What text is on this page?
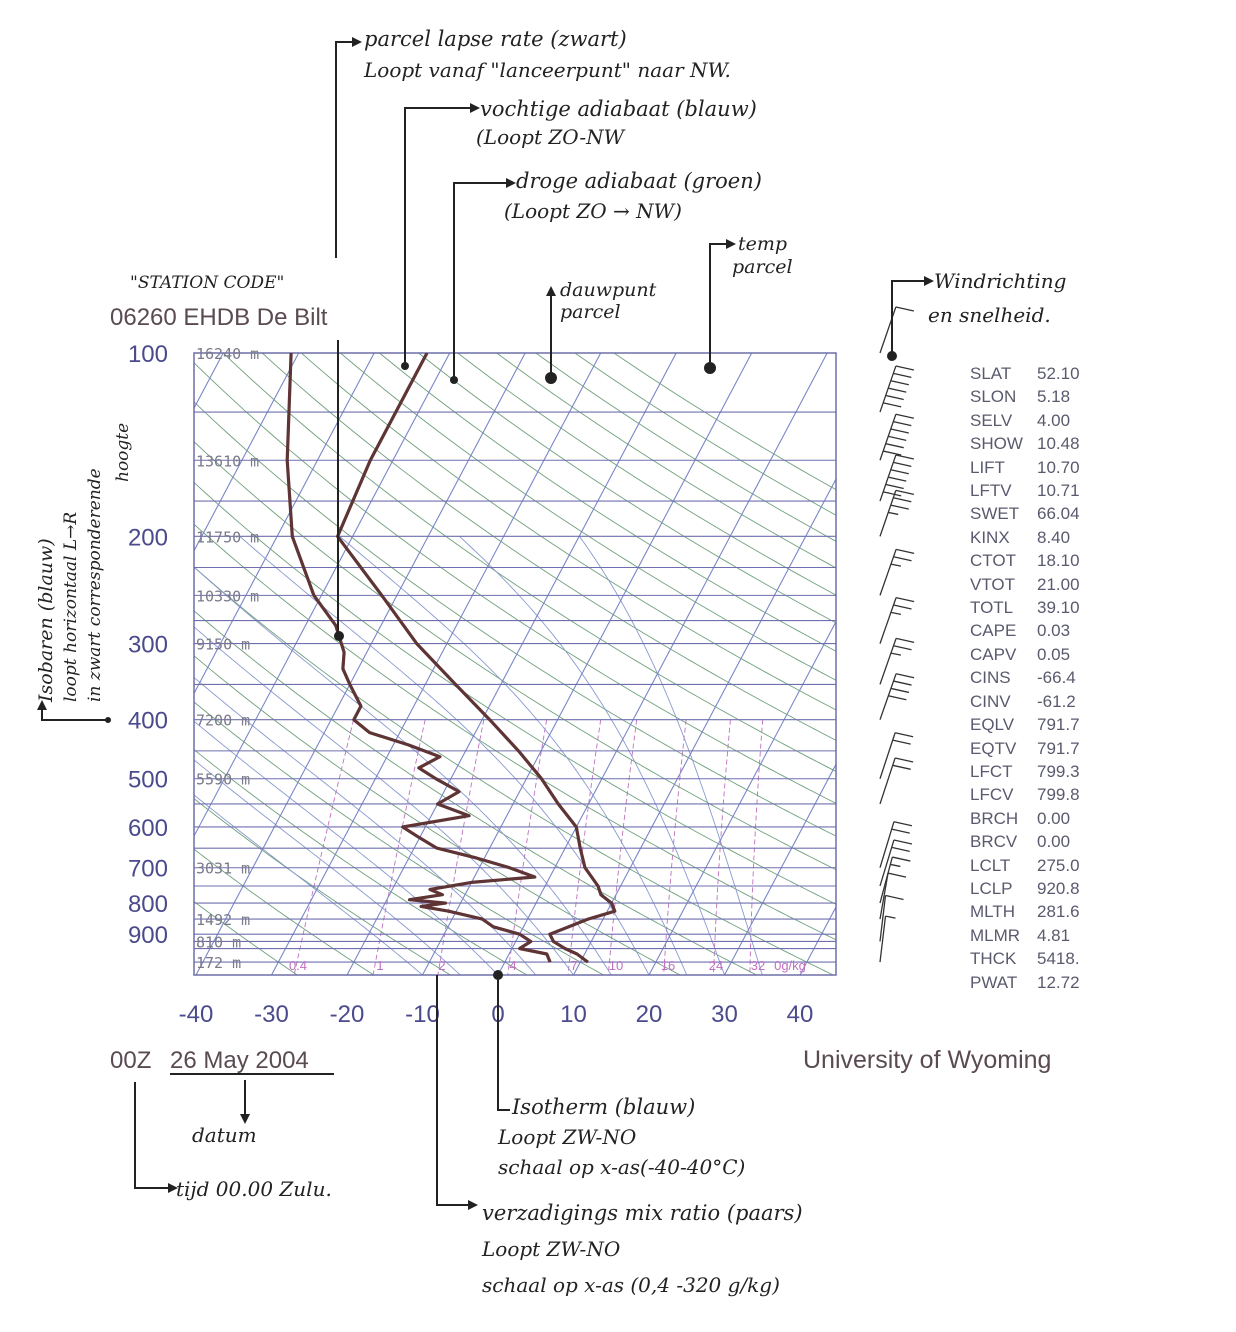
100
200
300
400
500
600
700
800
900
16240 m
13610 m
11750 m
10330 m
9150 m
7200 m
5590 m
3031 m
1492 m
810 m
172 m	0.4	1	2	4	7 10	16	24 32 0g/kg
-40 -30 -20 -10 0 10 20 30 40
06260 EHDB De Bilt
00Z 26 May 2004	University of Wyoming
parcel lapse rate (zwart)
Loopt vanaf "lanceerpunt" naar NW.
vochtige adiabaat (blauw)
(Loopt ZO-NW
droge adiabaat (groen)
(Loopt ZO → NW)
temp
parcel
dauwpunt
parcel
Windrichting
en snelheid.
"STATION CODE"
Isobaren (blauw) loopt horizontaal L→R in zwart corresponderende
hoogte
datum
tijd 00.00 Zulu.
Isotherm (blauw)
Loopt ZW-NO
schaal op x-as(-40-40°C)
verzadigings mix ratio (paars)
Loopt ZW-NO
schaal op x-as (0,4 -320 g/kg)
SLAT	52.10
SLON	5.18
SELV	4.00
SHOW 10.48
LIFT	10.70
LFTV	10.71
SWET	66.04
KINX	8.40
CTOT	18.10
VTOT	21.00
TOTL	39.10
CAPE	0.03
CAPV	0.05
CINS	-66.4
CINV	-61.2
EQLV	791.7
EQTV	791.7
LFCT	799.3
LFCV	799.8
BRCH	0.00
BRCV	0.00
LCLT	275.0
LCLP	920.8
MLTH	281.6
MLMR 4.81
THCK	5418.
PWAT	12.72
